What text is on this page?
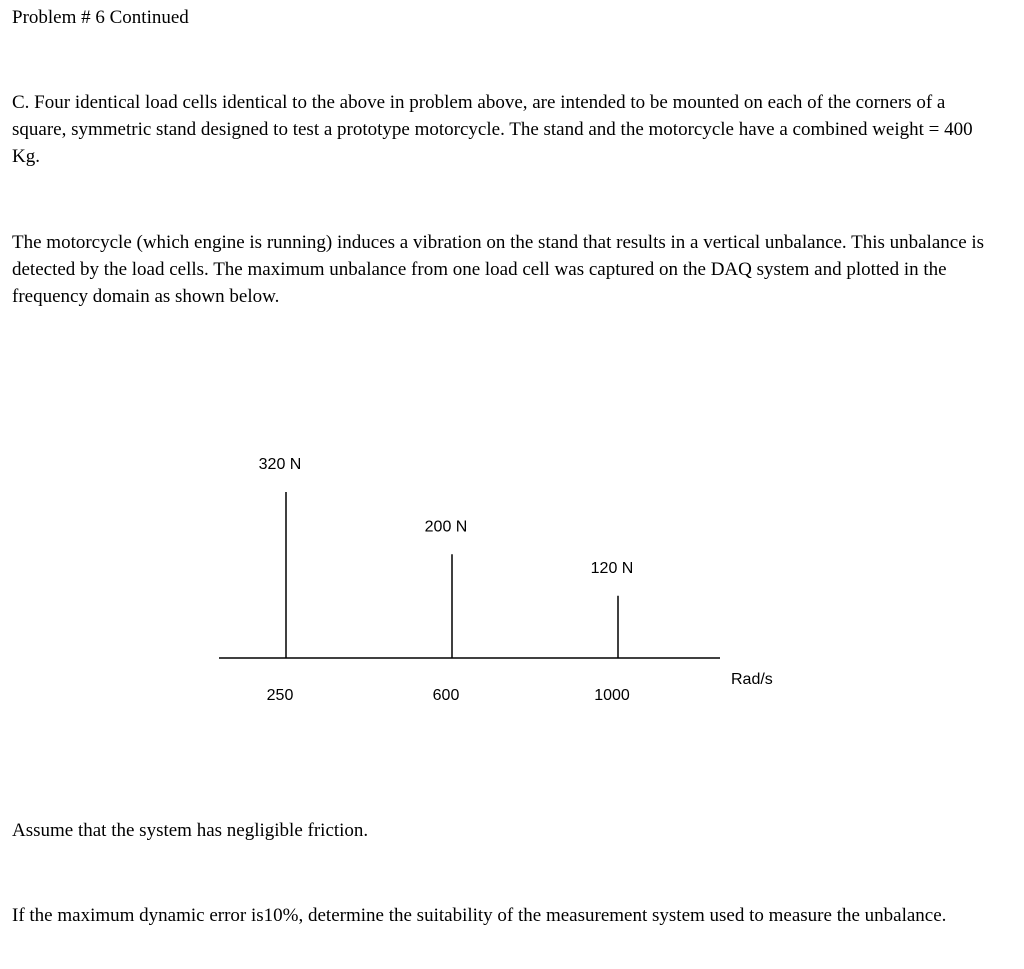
Problem # 6 Continued

C. Four identical load cells identical to the above in problem above, are intended to be mounted on each of the corners of a square, symmetric stand designed to test a prototype motorcycle. The stand and the motorcycle have a combined weight = 400 Kg.

The motorcycle (which engine is running) induces a vibration on the stand that results in a vertical unbalance. This unbalance is detected by the load cells. The maximum unbalance from one load cell was captured on the DAQ system and plotted in the frequency domain as shown below.

320 N
250
200 N
600
120 N
1000
Rad/s

Assume that the system has negligible friction.

If the maximum dynamic error is10%, determine the suitability of the measurement system used to measure the unbalance.
